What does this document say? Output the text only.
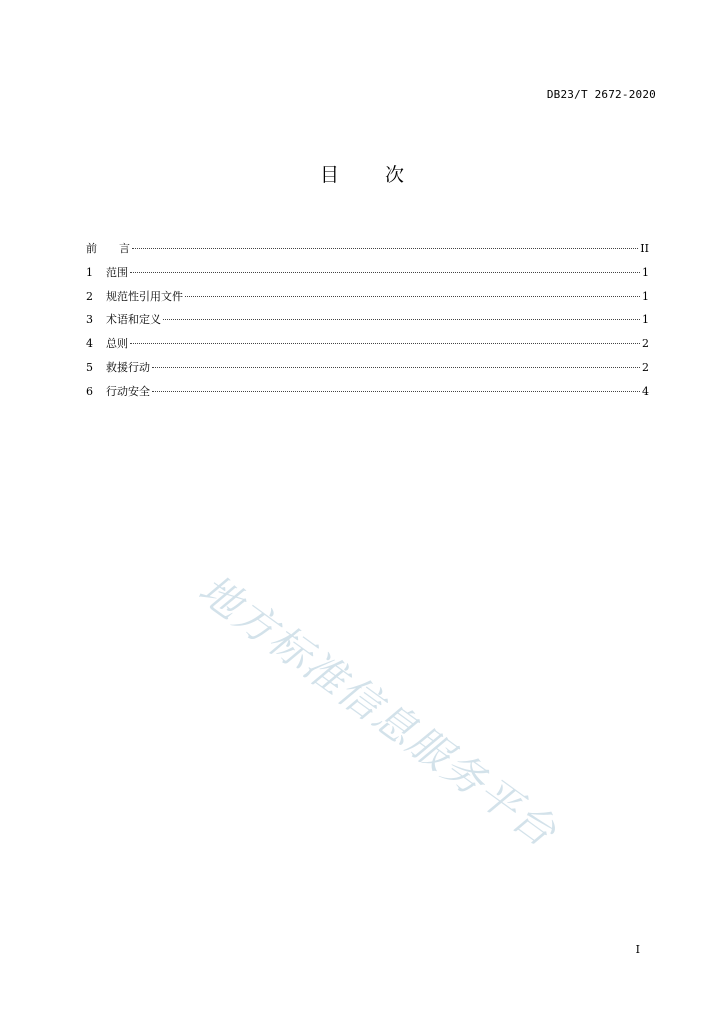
DB23/T 2672-2020
目 次
前　　言	II
1	范围	1
2	规范性引用文件	1
3	术语和定义	1
4	总则	2
5	救援行动	2
6	行动安全	4
地方标准信息服务平台
I
